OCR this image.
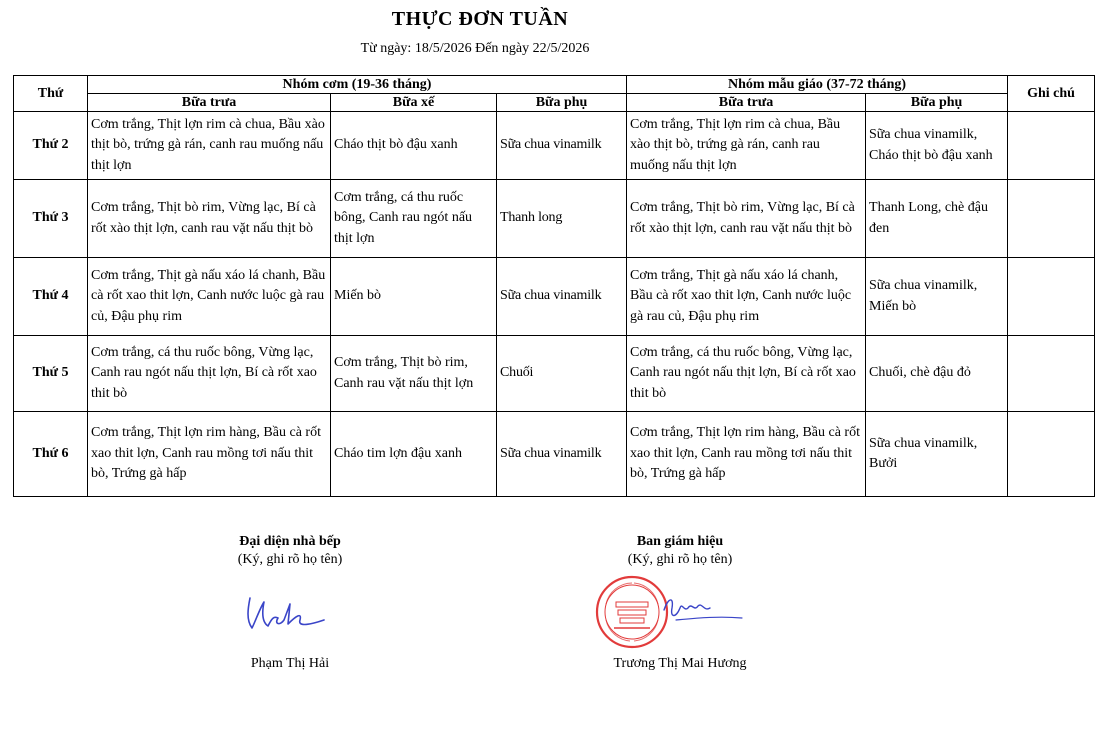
THỰC ĐƠN TUẦN
Từ ngày: 18/5/2026 Đến ngày 22/5/2026
Thứ	Nhóm cơm (19-36 tháng)			Nhóm mẫu giáo (37-72 tháng)		Ghi chú
	Bữa trưa	Bữa xế	Bữa phụ	Bữa trưa	Bữa phụ	
Thứ 2	Cơm trắng, Thịt lợn rim cà chua, Bầu xào thịt bò, trứng gà rán, canh rau muống nấu thịt lợn	Cháo thịt bò đậu xanh	Sữa chua vinamilk	Cơm trắng, Thịt lợn rim cà chua, Bầu xào thịt bò, trứng gà rán, canh rau muống nấu thịt lợn	Sữa chua vinamilk, Cháo thịt bò đậu xanh	
Thứ 3	Cơm trắng, Thịt bò rim, Vừng lạc, Bí cà rốt xào thịt lợn, canh rau vặt nấu thịt bò	Cơm trắng, cá thu ruốc bông, Canh rau ngót nấu thịt lợn	Thanh long	Cơm trắng, Thịt bò rim, Vừng lạc, Bí cà rốt xào thịt lợn, canh rau vặt nấu thịt bò	Thanh Long, chè đậu đen	
Thứ 4	Cơm trắng, Thịt gà nấu xáo lá chanh, Bầu cà rốt xao thit lợn, Canh nước luộc gà rau củ, Đậu phụ rim	Miến bò	Sữa chua vinamilk	Cơm trắng, Thịt gà nấu xáo lá chanh, Bầu cà rốt xao thit lợn, Canh nước luộc gà rau củ, Đậu phụ rim	Sữa chua vinamilk, Miến bò	
Thứ 5	Cơm trắng, cá thu ruốc bông, Vừng lạc, Canh rau ngót nấu thịt lợn, Bí cà rốt xao thit bò	Cơm trắng, Thịt bò rim, Canh rau vặt nấu thịt lợn	Chuối	Cơm trắng, cá thu ruốc bông, Vừng lạc, Canh rau ngót nấu thịt lợn, Bí cà rốt xao thit bò	Chuối, chè đậu đỏ	
Thứ 6	Cơm trắng, Thịt lợn rim hàng, Bầu cà rốt xao thit lợn, Canh rau mồng tơi nấu thit bò, Trứng gà hấp	Cháo tim lợn đậu xanh	Sữa chua vinamilk	Cơm trắng, Thịt lợn rim hàng, Bầu cà rốt xao thit lợn, Canh rau mồng tơi nấu thit bò, Trứng gà hấp	Sữa chua vinamilk, Bưởi	
Đại diện nhà bếp
(Ký, ghi rõ họ tên)
Phạm Thị Hải
Ban giám hiệu
(Ký, ghi rõ họ tên)
Trương Thị Mai Hương
